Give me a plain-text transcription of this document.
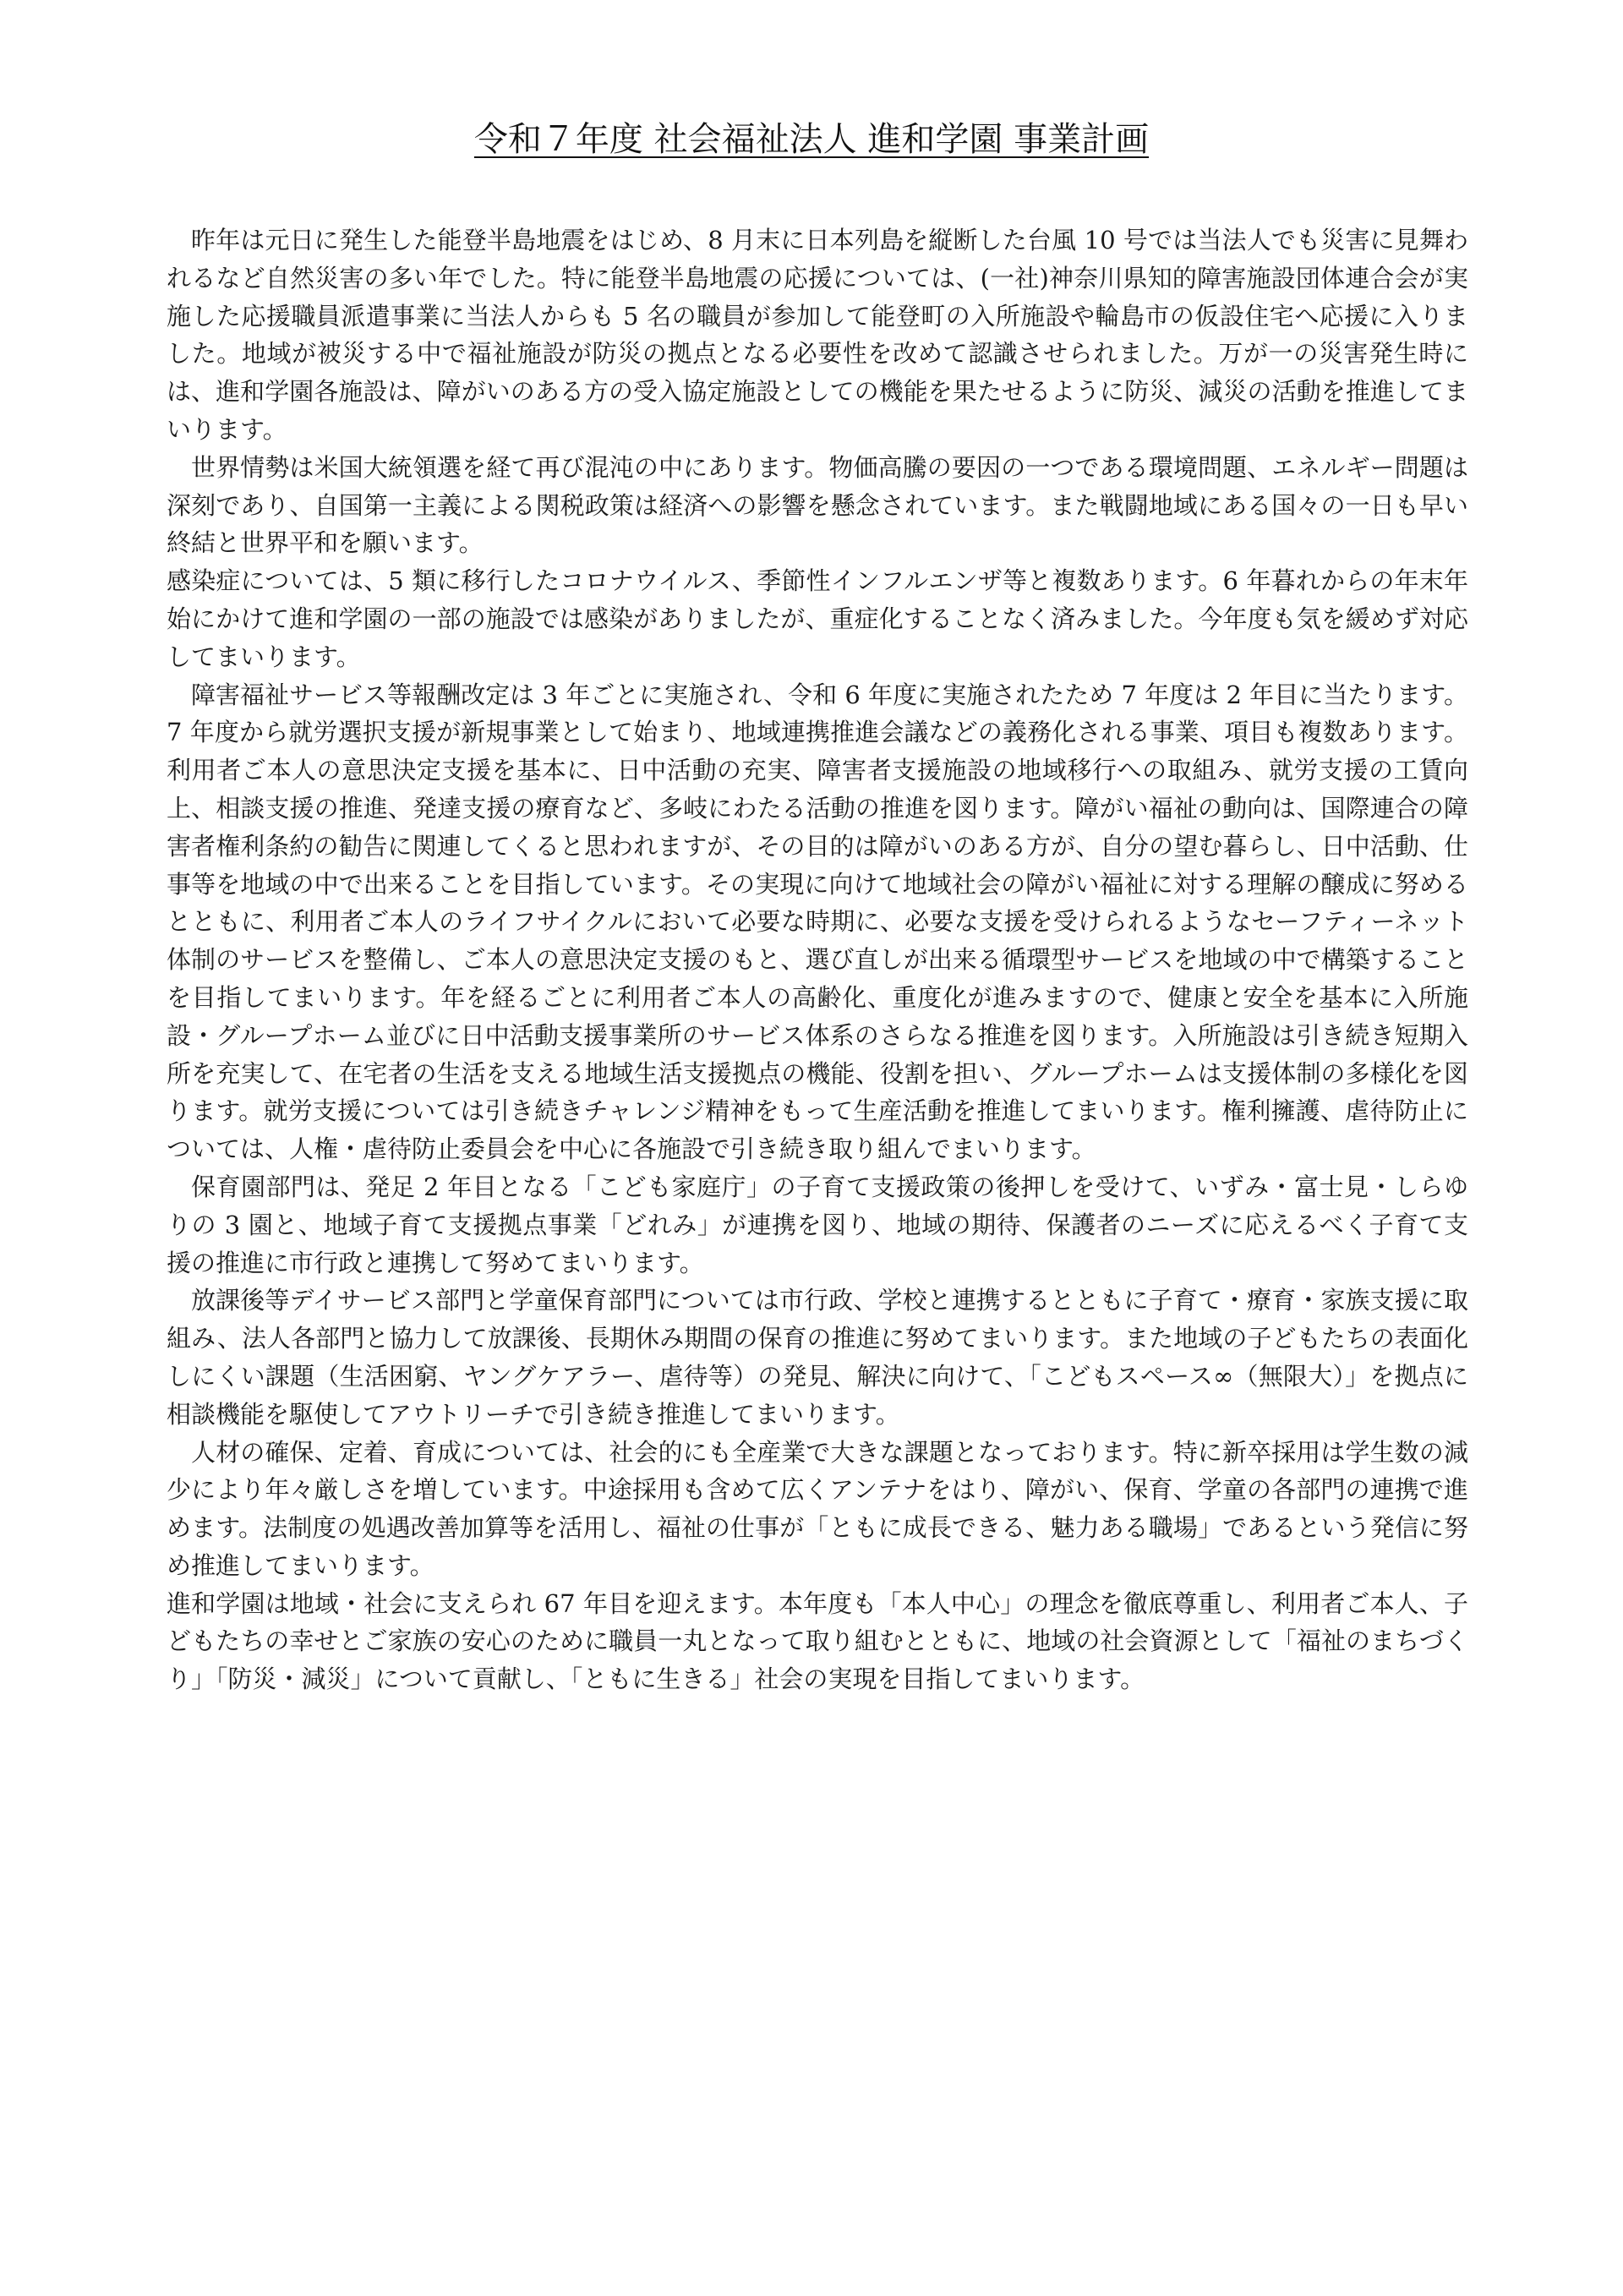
令和７年度 社会福祉法人 進和学園 事業計画

昨年は元日に発生した能登半島地震をはじめ、8 月末に日本列島を縦断した台風 10 号では当法人でも災害に見舞われるなど自然災害の多い年でした。特に能登半島地震の応援については、(一社)神奈川県知的障害施設団体連合会が実施した応援職員派遣事業に当法人からも 5 名の職員が参加して能登町の入所施設や輪島市の仮設住宅へ応援に入りました。地域が被災する中で福祉施設が防災の拠点となる必要性を改めて認識させられました。万が一の災害発生時には、進和学園各施設は、障がいのある方の受入協定施設としての機能を果たせるように防災、減災の活動を推進してまいります。

世界情勢は米国大統領選を経て再び混沌の中にあります。物価高騰の要因の一つである環境問題、エネルギー問題は深刻であり、自国第一主義による関税政策は経済への影響を懸念されています。また戦闘地域にある国々の一日も早い終結と世界平和を願います。

感染症については、5 類に移行したコロナウイルス、季節性インフルエンザ等と複数あります。6 年暮れからの年末年始にかけて進和学園の一部の施設では感染がありましたが、重症化することなく済みました。今年度も気を緩めず対応してまいります。

障害福祉サービス等報酬改定は 3 年ごとに実施され、令和 6 年度に実施されたため 7 年度は 2 年目に当たります。7 年度から就労選択支援が新規事業として始まり、地域連携推進会議などの義務化される事業、項目も複数あります。利用者ご本人の意思決定支援を基本に、日中活動の充実、障害者支援施設の地域移行への取組み、就労支援の工賃向上、相談支援の推進、発達支援の療育など、多岐にわたる活動の推進を図ります。障がい福祉の動向は、国際連合の障害者権利条約の勧告に関連してくると思われますが、その目的は障がいのある方が、自分の望む暮らし、日中活動、仕事等を地域の中で出来ることを目指しています。その実現に向けて地域社会の障がい福祉に対する理解の醸成に努めるとともに、利用者ご本人のライフサイクルにおいて必要な時期に、必要な支援を受けられるようなセーフティーネット体制のサービスを整備し、ご本人の意思決定支援のもと、選び直しが出来る循環型サービスを地域の中で構築することを目指してまいります。年を経るごとに利用者ご本人の高齢化、重度化が進みますので、健康と安全を基本に入所施設・グループホーム並びに日中活動支援事業所のサービス体系のさらなる推進を図ります。入所施設は引き続き短期入所を充実して、在宅者の生活を支える地域生活支援拠点の機能、役割を担い、グループホームは支援体制の多様化を図ります。就労支援については引き続きチャレンジ精神をもって生産活動を推進してまいります。権利擁護、虐待防止については、人権・虐待防止委員会を中心に各施設で引き続き取り組んでまいります。

保育園部門は、発足 2 年目となる「こども家庭庁」の子育て支援政策の後押しを受けて、いずみ・富士見・しらゆりの 3 園と、地域子育て支援拠点事業「どれみ」が連携を図り、地域の期待、保護者のニーズに応えるべく子育て支援の推進に市行政と連携して努めてまいります。

放課後等デイサービス部門と学童保育部門については市行政、学校と連携するとともに子育て・療育・家族支援に取組み、法人各部門と協力して放課後、長期休み期間の保育の推進に努めてまいります。また地域の子どもたちの表面化しにくい課題（生活困窮、ヤングケアラー、虐待等）の発見、解決に向けて、「こどもスペース∞（無限大）」を拠点に相談機能を駆使してアウトリーチで引き続き推進してまいります。

人材の確保、定着、育成については、社会的にも全産業で大きな課題となっております。特に新卒採用は学生数の減少により年々厳しさを増しています。中途採用も含めて広くアンテナをはり、障がい、保育、学童の各部門の連携で進めます。法制度の処遇改善加算等を活用し、福祉の仕事が「ともに成長できる、魅力ある職場」であるという発信に努め推進してまいります。

進和学園は地域・社会に支えられ 67 年目を迎えます。本年度も「本人中心」の理念を徹底尊重し、利用者ご本人、子どもたちの幸せとご家族の安心のために職員一丸となって取り組むとともに、地域の社会資源として「福祉のまちづくり」「防災・減災」について貢献し、「ともに生きる」社会の実現を目指してまいります。
